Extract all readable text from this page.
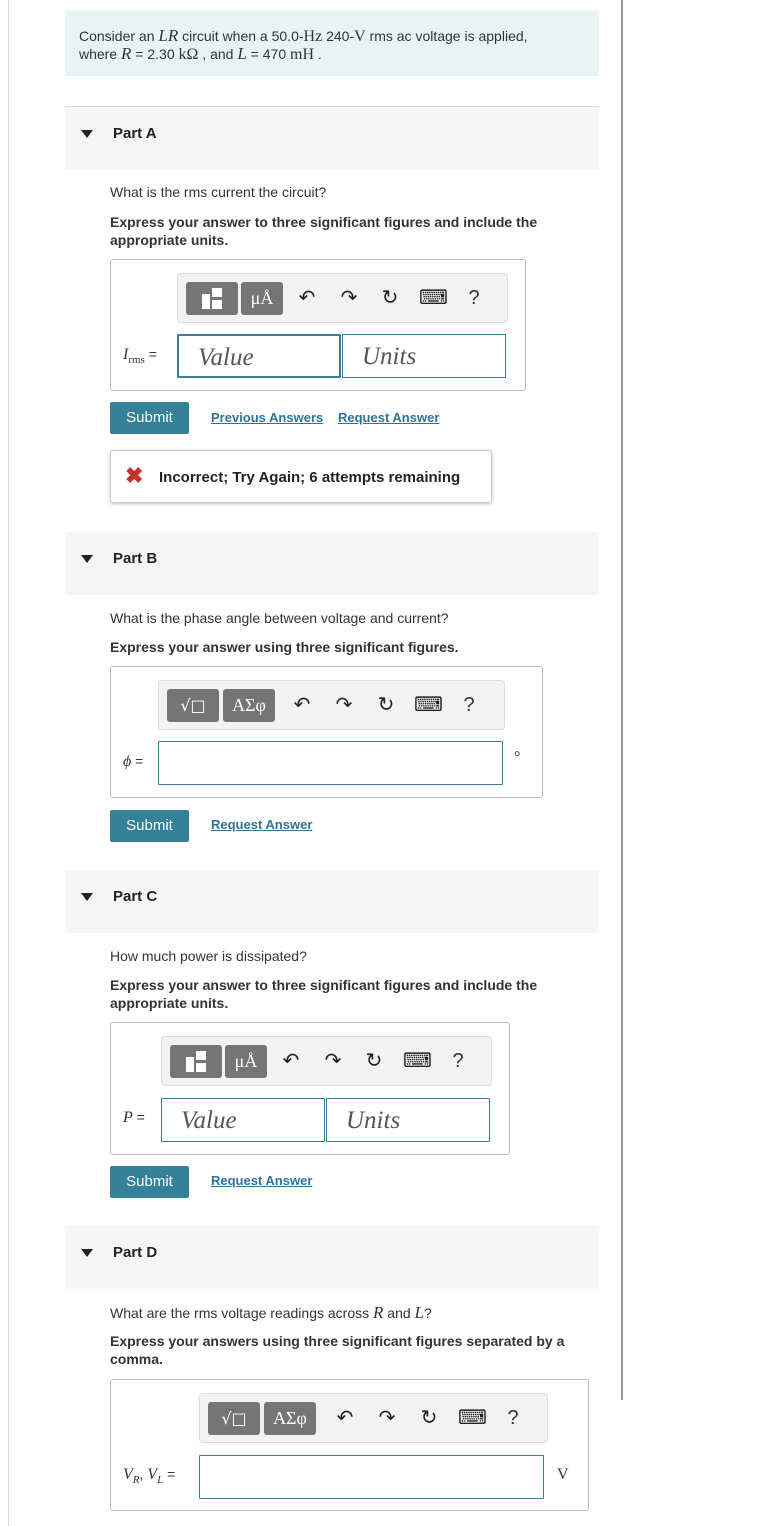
Consider an LR circuit when a 50.0-Hz 240-V rms ac voltage is applied,
where R = 2.30 kΩ , and L = 470 mH .
Part A
What is the rms current the circuit?
Express your answer to three significant figures and include the appropriate units.
μÅ	↶ ↷ ↻ ⌨	?
$I_{rms}$ = Value	Units
Submit	Previous Answers Request Answer
✖ Incorrect; Try Again; 6 attempts remaining
Part B
What is the phase angle between voltage and current?
Express your answer using three significant figures.
√□	ΑΣφ	↶ ↷ ↻ ⌨	?
ϕ =	°
Submit	Request Answer
Part C
How much power is dissipated?
Express your answer to three significant figures and include the appropriate units.
μÅ	↶ ↷ ↻ ⌨	?
P = Value	Units
Submit	Request Answer
Part D
What are the rms voltage readings across R and L?
Express your answers using three significant figures separated by a comma.
√□	ΑΣφ	↶ ↷ ↻ ⌨	?
$V_R$, $V_L$ =	V
